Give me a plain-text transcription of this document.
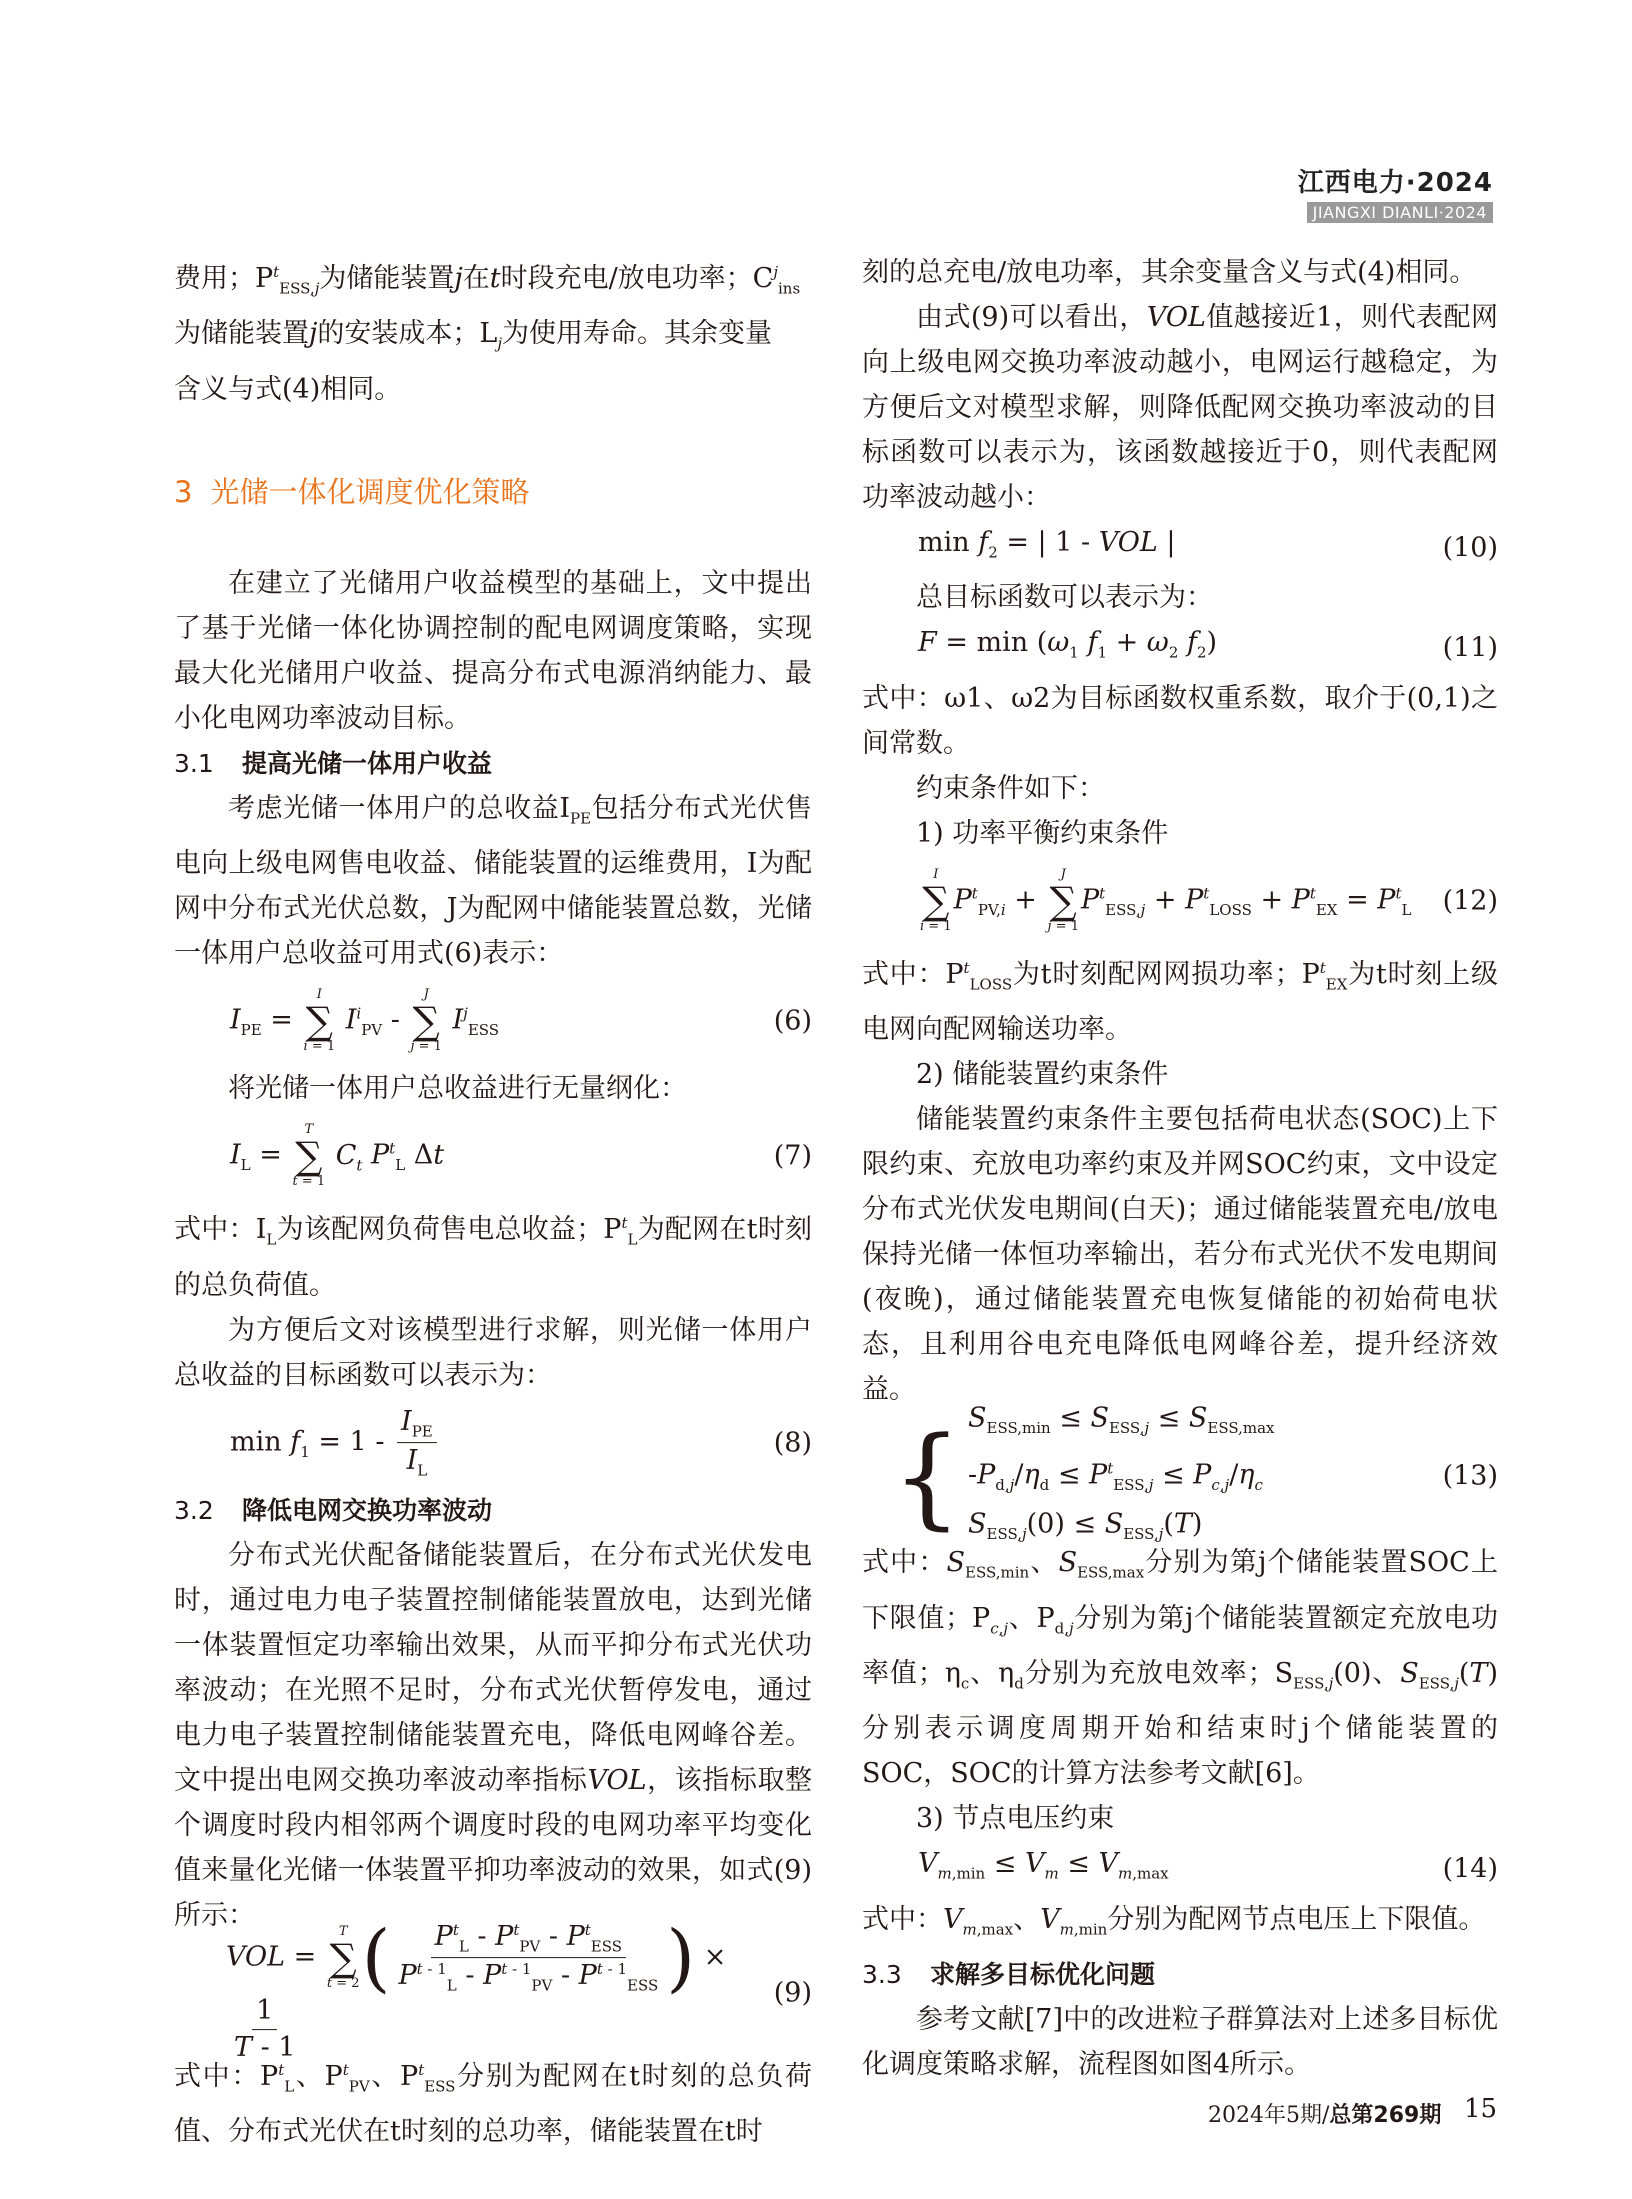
江西电力·2024
JIANGXI DIANLI·2024

费用；$P^t_{ESS,j}$为储能装置j在t时段充电/放电功率；$C^j_{ins}$
为储能装置j的安装成本；$L_j$为使用寿命。其余变量
含义与式(4)相同。

3 光储一体化调度优化策略

在建立了光储用户收益模型的基础上，文中提出了基于光储一体化协调控制的配电网调度策略，实现最大化光储用户收益、提高分布式电源消纳能力、最小化电网功率波动目标。

3.1 提高光储一体用户收益

考虑光储一体用户的总收益$I_{PE}$包括分布式光伏售电向上级电网售电收益、储能装置的运维费用，I为配网中分布式光伏总数，J为配网中储能装置总数，光储一体用户总收益可用式(6)表示：

$I_{PE}$ =
I
∑
i = 1
$I^i_{PV}$ -
J
∑
j = 1
$I^j_{ESS}$	(6)

将光储一体用户总收益进行无量纲化：

$I_L$ =
T
∑
t = 1
$C_t$ $P^t_L$ Δt	(7)

式中：$I_L$为该配网负荷售电总收益；$P^t_L$为配网在t时刻的总负荷值。

为方便后文对该模型进行求解，则光储一体用户总收益的目标函数可以表示为：

$\min f_1 = 1 - \frac{I_{PE}}{I_L}$	(8)
3.2 降低电网交换功率波动

分布式光伏配备储能装置后，在分布式光伏发电时，通过电力电子装置控制储能装置放电，达到光储一体装置恒定功率输出效果，从而平抑分布式光伏功率波动；在光照不足时，分布式光伏暂停发电，通过电力电子装置控制储能装置充电，降低电网峰谷差。文中提出电网交换功率波动率指标VOL，该指标取整个调度时段内相邻两个调度时段的电网功率平均变化值来量化光储一体装置平抑功率波动的效果，如式(9)所示：

VOL =
T
∑
t = 2 ( $\frac{P^t_L - P^t_{PV} - P^t_{ESS}}{P^{t - 1}_L - P^{t - 1}_{PV} - P^{t - 1}_{ESS}}$ ) ×
$\frac{1}{T - 1}$
(9)

式中：$P^t_L$、$P^t_{PV}$、$P^t_{ESS}$分别为配网在t时刻的总负荷值、分布式光伏在t时刻的总功率，储能装置在t时

刻的总充电/放电功率，其余变量含义与式(4)相同。

由式(9)可以看出，VOL值越接近1，则代表配网向上级电网交换功率波动越小，电网运行越稳定，为方便后文对模型求解，则降低配网交换功率波动的目标函数可以表示为，该函数越接近于0，则代表配网功率波动越小：

$\min f_2$ = | 1 - VOL |	(10)

总目标函数可以表示为：

$F = \min (\omega_1$ $f_1 + \omega_2$ $f_2$)	(11)

式中：ω1、ω2为目标函数权重系数，取介于(0,1)之间常数。

约束条件如下：

1) 功率平衡约束条件

I
∑
i = 1
$P^t_{PV,i}$ +
J
∑
j = 1
$P^t_{ESS,j} + P^t_{LOSS} + P^t_{EX} = P^t_L$ (12)

式中：$P^t_{LOSS}$为t时刻配网网损功率；$P^t_{EX}$为t时刻上级电网向配网输送功率。

2) 储能装置约束条件

储能装置约束条件主要包括荷电状态(SOC)上下限约束、充放电功率约束及并网SOC约束，文中设定分布式光伏发电期间(白天)；通过储能装置充电/放电保持光储一体恒功率输出，若分布式光伏不发电期间(夜晚)，通过储能装置充电恢复储能的初始荷电状态，且利用谷电充电降低电网峰谷差，提升经济效益。

{ $S_{ESS,min} \le S_{ESS,j} \le S_{ESS,max}$
$-P_{d,j}/\eta_d \le P^t_{ESS,j} \le P_{c,j}/\eta_c$
$S_{ESS,j}(0) \le S_{ESS,j}(T)$
(13)

式中：$S_{ESS,min}$、$S_{ESS,max}$分别为第j个储能装置SOC上下限值；$P_{c,j}$、$P_{d,j}$分别为第j个储能装置额定充放电功率值；$\eta_c$、$\eta_d$分别为充放电效率；$S_{ESS,j}(0)$、$S_{ESS,j}(T)$分别表示调度周期开始和结束时j个储能装置的SOC，SOC的计算方法参考文献[6]。

3) 节点电压约束

$V_{m,min} \le V_m \le V_{m,max}$	(14)

式中：$V_{m,max}$、$V_{m,min}$分别为配网节点电压上下限值。

3.3 求解多目标优化问题

参考文献[7]中的改进粒子群算法对上述多目标优化调度策略求解，流程图如图4所示。

2024年5期/总第269期 15
